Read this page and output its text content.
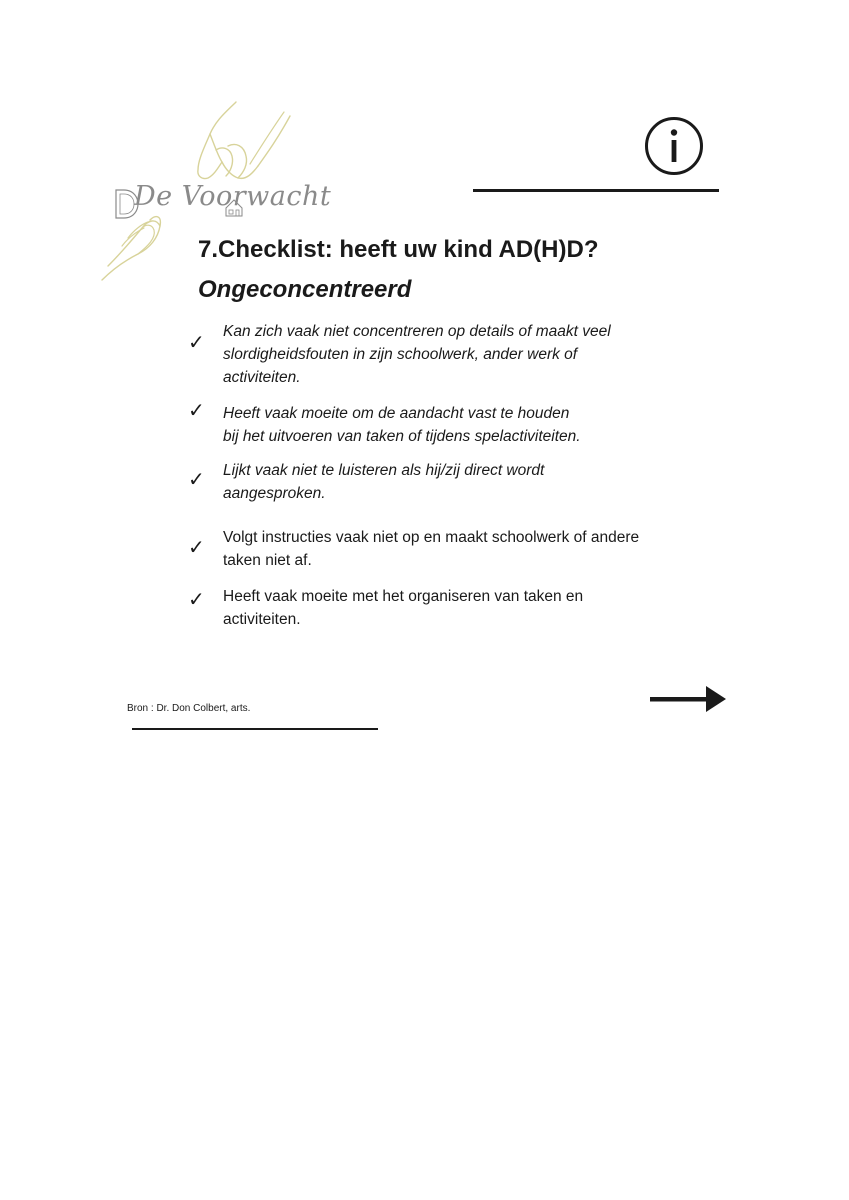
De Voorwacht
7.Checklist: heeft uw kind AD(H)D?
Ongeconcentreerd
✓	Kan zich vaak niet concentreren op details of maakt veel
slordigheidsfouten in zijn schoolwerk, ander werk of
activiteiten.

✓	Heeft vaak moeite om de aandacht vast te houden
bij het uitvoeren van taken of tijdens spelactiviteiten.

✓	Lijkt vaak niet te luisteren als hij/zij direct wordt
aangesproken.

✓	Volgt instructies vaak niet op en maakt schoolwerk of andere
taken niet af.

✓	Heeft vaak moeite met het organiseren van taken en
activiteiten.

Bron : Dr. Don Colbert, arts.
